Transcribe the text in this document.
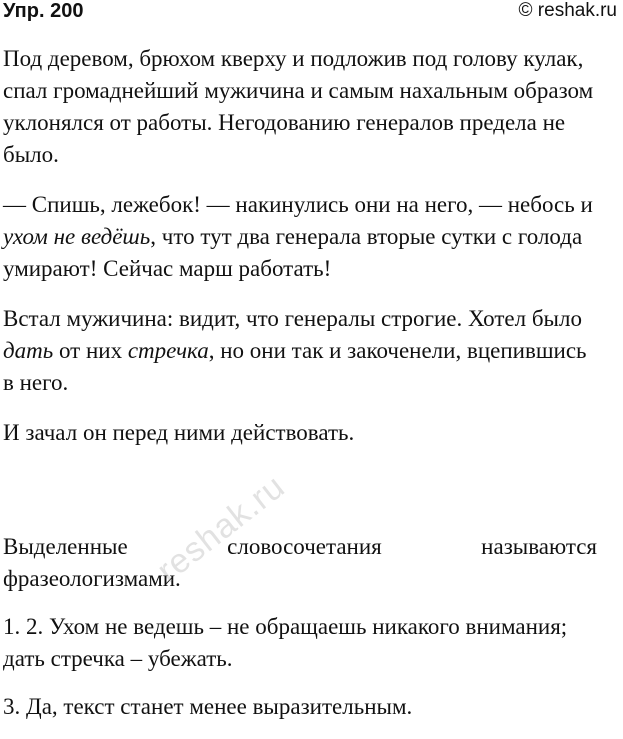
Упр. 200	© reshak.ru

Под деревом, брюхом кверху и подложив под голову кулак, спал громаднейший мужичина и самым нахальным образом уклонялся от работы. Негодованию генералов предела не было.

— Спишь, лежебок! — накинулись они на него, — небось и ухом не ведёшь, что тут два генерала вторые сутки с голода умирают! Сейчас марш работать!

Встал мужичина: видит, что генералы строгие. Хотел было дать от них стречка, но они так и закоченели, вцепившись в него.

И зачал он перед ними действовать.

Выделенные словосочетания называются
фразеологизмами.

1. 2. Ухом не ведешь – не обращаешь никакого внимания; дать стречка – убежать.

3. Да, текст станет менее выразительным.

reshak.ru
